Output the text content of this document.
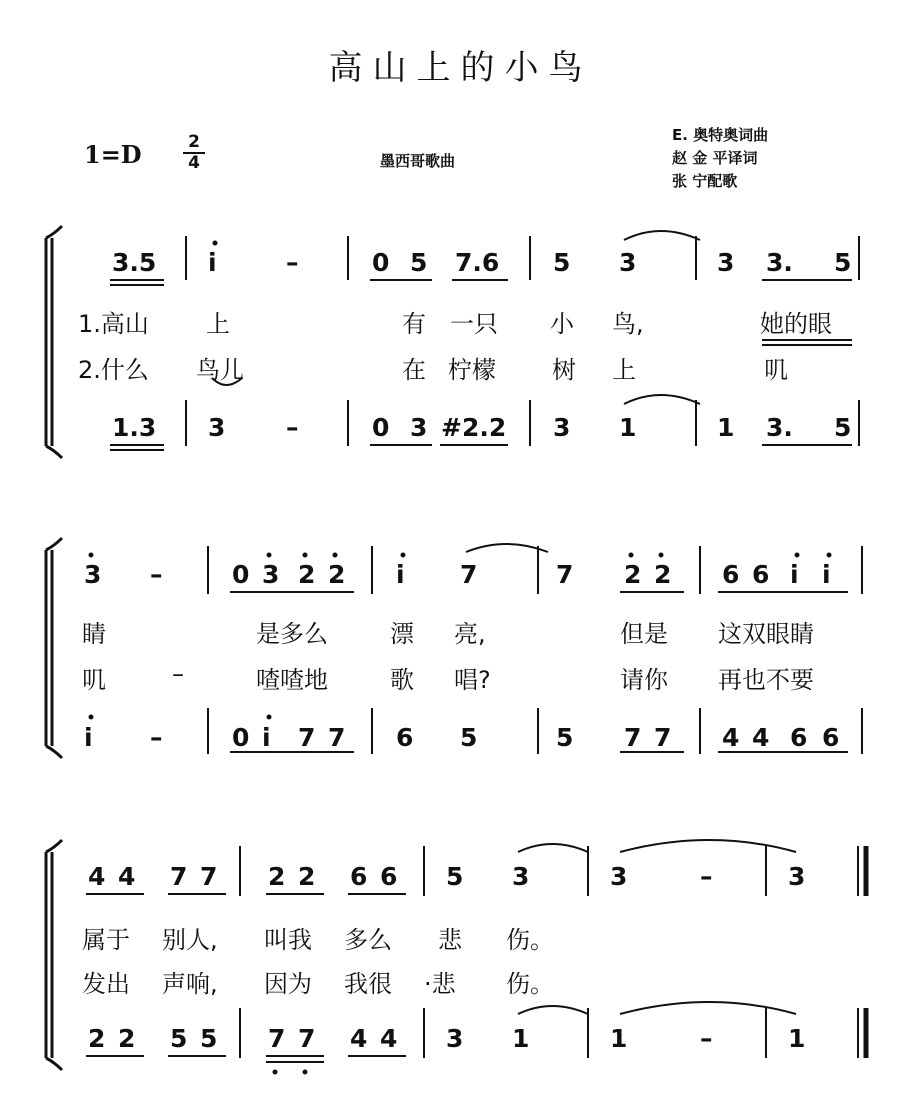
高山上的小鸟
1=D	2
4	墨西哥歌曲
E. 奥特奥词曲
赵 金 平译词
张 宁配歌
3.5 i	–	0 5 7.6 5 3	3 3. 5
1.高山 上	有 一只 小 鸟,	她的眼
2.什么 鸟儿	在 柠檬 树 上	叽
1.3 3 –	0 3 #2.2 3 1	1 3. 5
3 –	0 3 2 2 i 7	7 2 2 6 6 i i
睛	是多么	漂 亮,	但是 这双眼睛
叽	–	喳喳地	歌 唱?	请你 再也不要
i –	0 i 7 7 6 5	5 7 7 4 4 6 6
4 4 7 7 2 2 6 6 5 3	3	–	3
属于 别人, 叫我 多么 悲 伤。
发出 声响, 因为 我很 ·悲 伤。
2 2 5 5 7 7 4 4 3 1	1	–	1
